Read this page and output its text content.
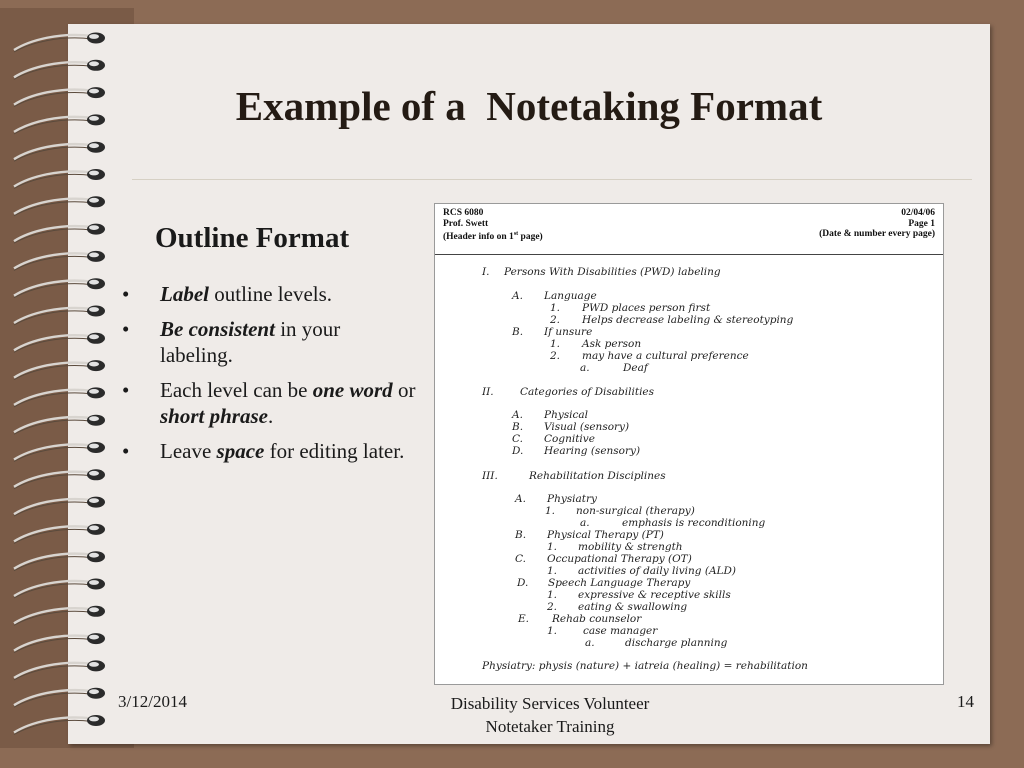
Example of a  Notetaking Format
Outline Format
• Label outline levels.
• Be consistent in your labeling.
• Each level can be one word or short phrase.
• Leave space for editing later.
RCS 6080	02/04/06
Prof. Swett	Page 1
(Header info on 1st page)	(Date & number every page)
I. Persons With Disabilities (PWD) labeling
A. Language
1. PWD places person first
2. Helps decrease labeling & stereotyping
B. If unsure
1. Ask person
2. may have a cultural preference
a.	Deaf
II.	Categories of Disabilities
A. Physical
B. Visual (sensory)
C. Cognitive
D. Hearing (sensory)
III.	Rehabilitation Disciplines
A. Physiatry
1. non-surgical (therapy)
a.	emphasis is reconditioning
B. Physical Therapy (PT)
1. mobility & strength
C. Occupational Therapy (OT)
1. activities of daily living (ALD)
D. Speech Language Therapy
1. expressive & receptive skills
2. eating & swallowing
E. Rehab counselor
1. case manager
a.	discharge planning
Physiatry: physis (nature) + iatreia (healing) = rehabilitation
3/12/2014	Disability Services Volunteer
Notetaker Training
14
